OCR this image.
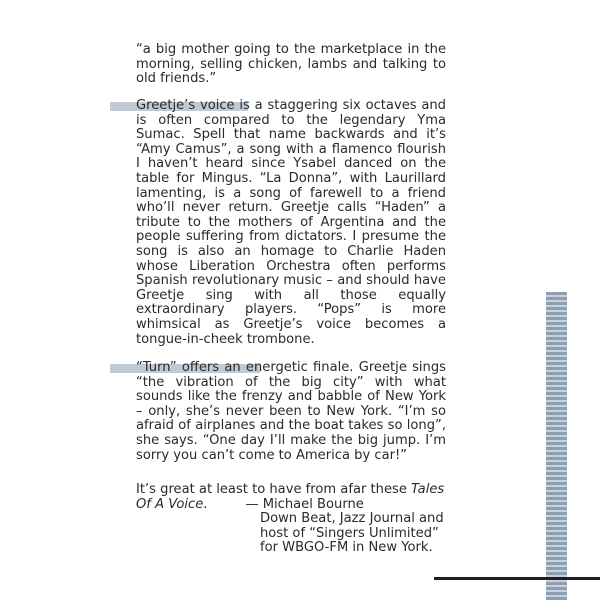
“a big mother going to the marketplace in the morning, selling chicken, lambs and talking to old friends.”

Greetje’s voice is a staggering six octaves and is often compared to the legendary Yma Sumac. Spell that name backwards and it’s “Amy Camus”, a song with a flamenco flourish I haven’t heard since Ysabel danced on the table for Mingus. “La Donna”, with Laurillard lamenting, is a song of farewell to a friend who’ll never return. Greetje calls “Haden” a tribute to the mothers of Argentina and the people suffering from dictators. I presume the song is also an homage to Charlie Haden whose Liberation Orchestra often performs Spanish revolutionary music – and should have Greetje sing with all those equally extraordinary players. “Pops” is more whimsical as Greetje’s voice becomes a tongue-in-cheek trombone.

“Turn” offers an energetic finale. Greetje sings “the vibration of the big city” with what sounds like the frenzy and babble of New York – only, she’s never been to New York. “I’m so afraid of airplanes and the boat takes so long”, she says. “One day I’ll make the big jump. I’m sorry you can’t come to America by car!”

It’s great at least to have from afar these Tales Of A Voice.	— Michael Bourne

Down Beat, Jazz Journal and
host of “Singers Unlimited”
for WBGO-FM in New York.
